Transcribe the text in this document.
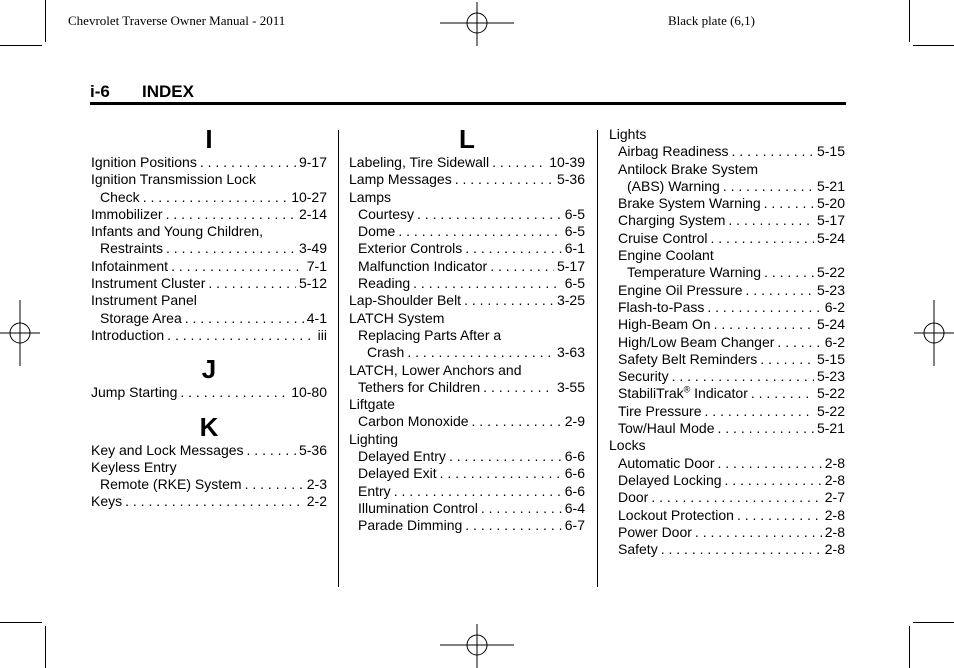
Chevrolet Traverse Owner Manual - 2011	Black plate (6,1)
i-6 INDEX
I
Ignition Positions . . .	9-17
Ignition Transmission Lock
Check . . .	10-27
Immobilizer . . .	2-14
Infants and Young Children,
Restraints . . .	3-49
Infotainment . . .	7-1
Instrument Cluster . . .	5-12
Instrument Panel
Storage Area . . .	4-1
Introduction . . .	iii
J
Jump Starting . . .	10-80
K
Key and Lock Messages . . .	5-36
Keyless Entry
Remote (RKE) System . . .	2-3
Keys . . .	2-2
L
Labeling, Tire Sidewall . . .	10-39
Lamp Messages . . .	5-36
Lamps
Courtesy . . .	6-5
Dome . . .	6-5
Exterior Controls . . .	6-1
Malfunction Indicator . . .	5-17
Reading . . .	6-5
Lap-Shoulder Belt . . .	3-25
LATCH System
Replacing Parts After a
Crash . . .	3-63
LATCH, Lower Anchors and
Tethers for Children . . .	3-55
Liftgate
Carbon Monoxide . . .	2-9
Lighting
Delayed Entry . . .	6-6
Delayed Exit . . .	6-6
Entry . . .	6-6
Illumination Control . . .	6-4
Parade Dimming . . .	6-7
Lights
Airbag Readiness . . .	5-15
Antilock Brake System
(ABS) Warning . . .	5-21
Brake System Warning . . .	5-20
Charging System . . .	5-17
Cruise Control . . .	5-24
Engine Coolant
Temperature Warning . . .	5-22
Engine Oil Pressure . . .	5-23
Flash-to-Pass . . .	6-2
High-Beam On . . .	5-24
High/Low Beam Changer . . .	6-2
Safety Belt Reminders . . .	5-15
Security . . .	5-23
StabiliTrak® Indicator . . .	5-22
Tire Pressure . . .	5-22
Tow/Haul Mode . . .	5-21
Locks
Automatic Door . . .	2-8
Delayed Locking . . .	2-8
Door . . .	2-7
Lockout Protection . . .	2-8
Power Door . . .	2-8
Safety . . .	2-8
